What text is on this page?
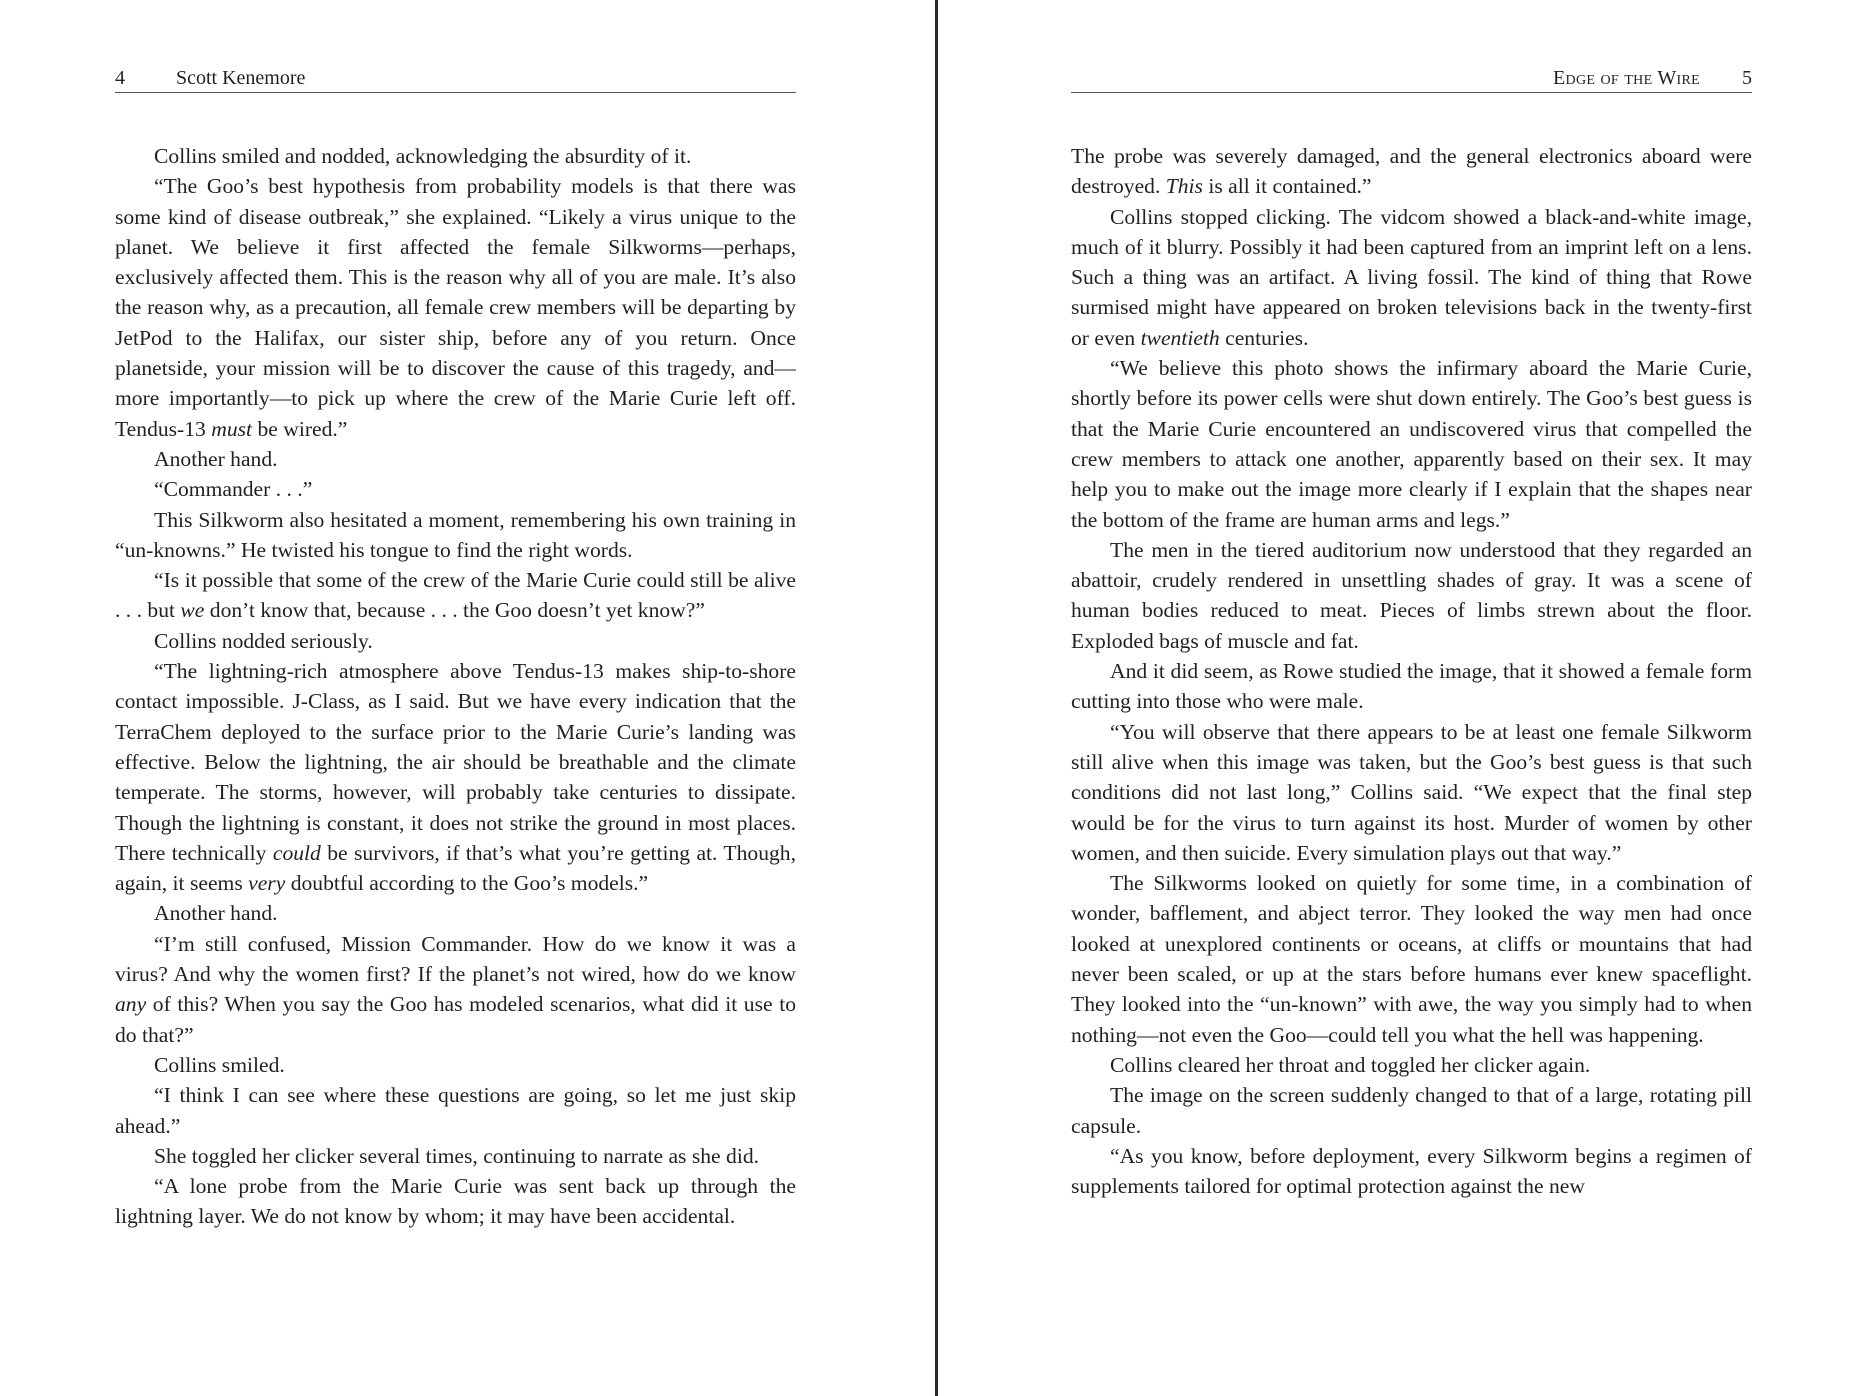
4	Scott Kenemore

Collins smiled and nodded, acknowledging the absurdity of it.

“The Goo’s best hypothesis from probability models is that there was some kind of disease outbreak,” she explained. “Likely a virus unique to the planet. We believe it first affected the female Silkworms—perhaps, exclusively affected them. This is the reason why all of you are male. It’s also the reason why, as a precaution, all female crew members will be departing by JetPod to the Halifax, our sister ship, before any of you return. Once planetside, your mission will be to discover the cause of this tragedy, and—more importantly—to pick up where the crew of the Marie Curie left off. Tendus-13 must be wired.”

Another hand.

“Commander . . .”

This Silkworm also hesitated a moment, remembering his own training in “un-knowns.” He twisted his tongue to find the right words.

“Is it possible that some of the crew of the Marie Curie could still be alive . . . but we don’t know that, because . . . the Goo doesn’t yet know?”

Collins nodded seriously.

“The lightning-rich atmosphere above Tendus-13 makes ship-to-shore contact impossible. J-Class, as I said. But we have every indication that the TerraChem deployed to the surface prior to the Marie Curie’s landing was effective. Below the lightning, the air should be breathable and the climate temperate. The storms, however, will probably take centuries to dissipate. Though the lightning is constant, it does not strike the ground in most places. There technically could be survivors, if that’s what you’re getting at. Though, again, it seems very doubtful according to the Goo’s models.”

Another hand.

“I’m still confused, Mission Commander. How do we know it was a virus? And why the women first? If the planet’s not wired, how do we know any of this? When you say the Goo has modeled scenarios, what did it use to do that?”

Collins smiled.

“I think I can see where these questions are going, so let me just skip ahead.”

She toggled her clicker several times, continuing to narrate as she did.

“A lone probe from the Marie Curie was sent back up through the lightning layer. We do not know by whom; it may have been accidental.

Edge of the Wire 5

The probe was severely damaged, and the general electronics aboard were destroyed. This is all it contained.”

Collins stopped clicking. The vidcom showed a black-and-white image, much of it blurry. Possibly it had been captured from an imprint left on a lens. Such a thing was an artifact. A living fossil. The kind of thing that Rowe surmised might have appeared on broken televisions back in the twenty-first or even twentieth centuries.

“We believe this photo shows the infirmary aboard the Marie Curie, shortly before its power cells were shut down entirely. The Goo’s best guess is that the Marie Curie encountered an undiscovered virus that compelled the crew members to attack one another, apparently based on their sex. It may help you to make out the image more clearly if I explain that the shapes near the bottom of the frame are human arms and legs.”

The men in the tiered auditorium now understood that they regarded an abattoir, crudely rendered in unsettling shades of gray. It was a scene of human bodies reduced to meat. Pieces of limbs strewn about the floor. Exploded bags of muscle and fat.

And it did seem, as Rowe studied the image, that it showed a female form cutting into those who were male.

“You will observe that there appears to be at least one female Silkworm still alive when this image was taken, but the Goo’s best guess is that such conditions did not last long,” Collins said. “We expect that the final step would be for the virus to turn against its host. Murder of women by other women, and then suicide. Every simulation plays out that way.”

The Silkworms looked on quietly for some time, in a combination of wonder, bafflement, and abject terror. They looked the way men had once looked at unexplored continents or oceans, at cliffs or mountains that had never been scaled, or up at the stars before humans ever knew spaceflight. They looked into the “un-known” with awe, the way you simply had to when nothing—not even the Goo—could tell you what the hell was happening.

Collins cleared her throat and toggled her clicker again.

The image on the screen suddenly changed to that of a large, rotating pill capsule.

“As you know, before deployment, every Silkworm begins a regimen of supplements tailored for optimal protection against the new
